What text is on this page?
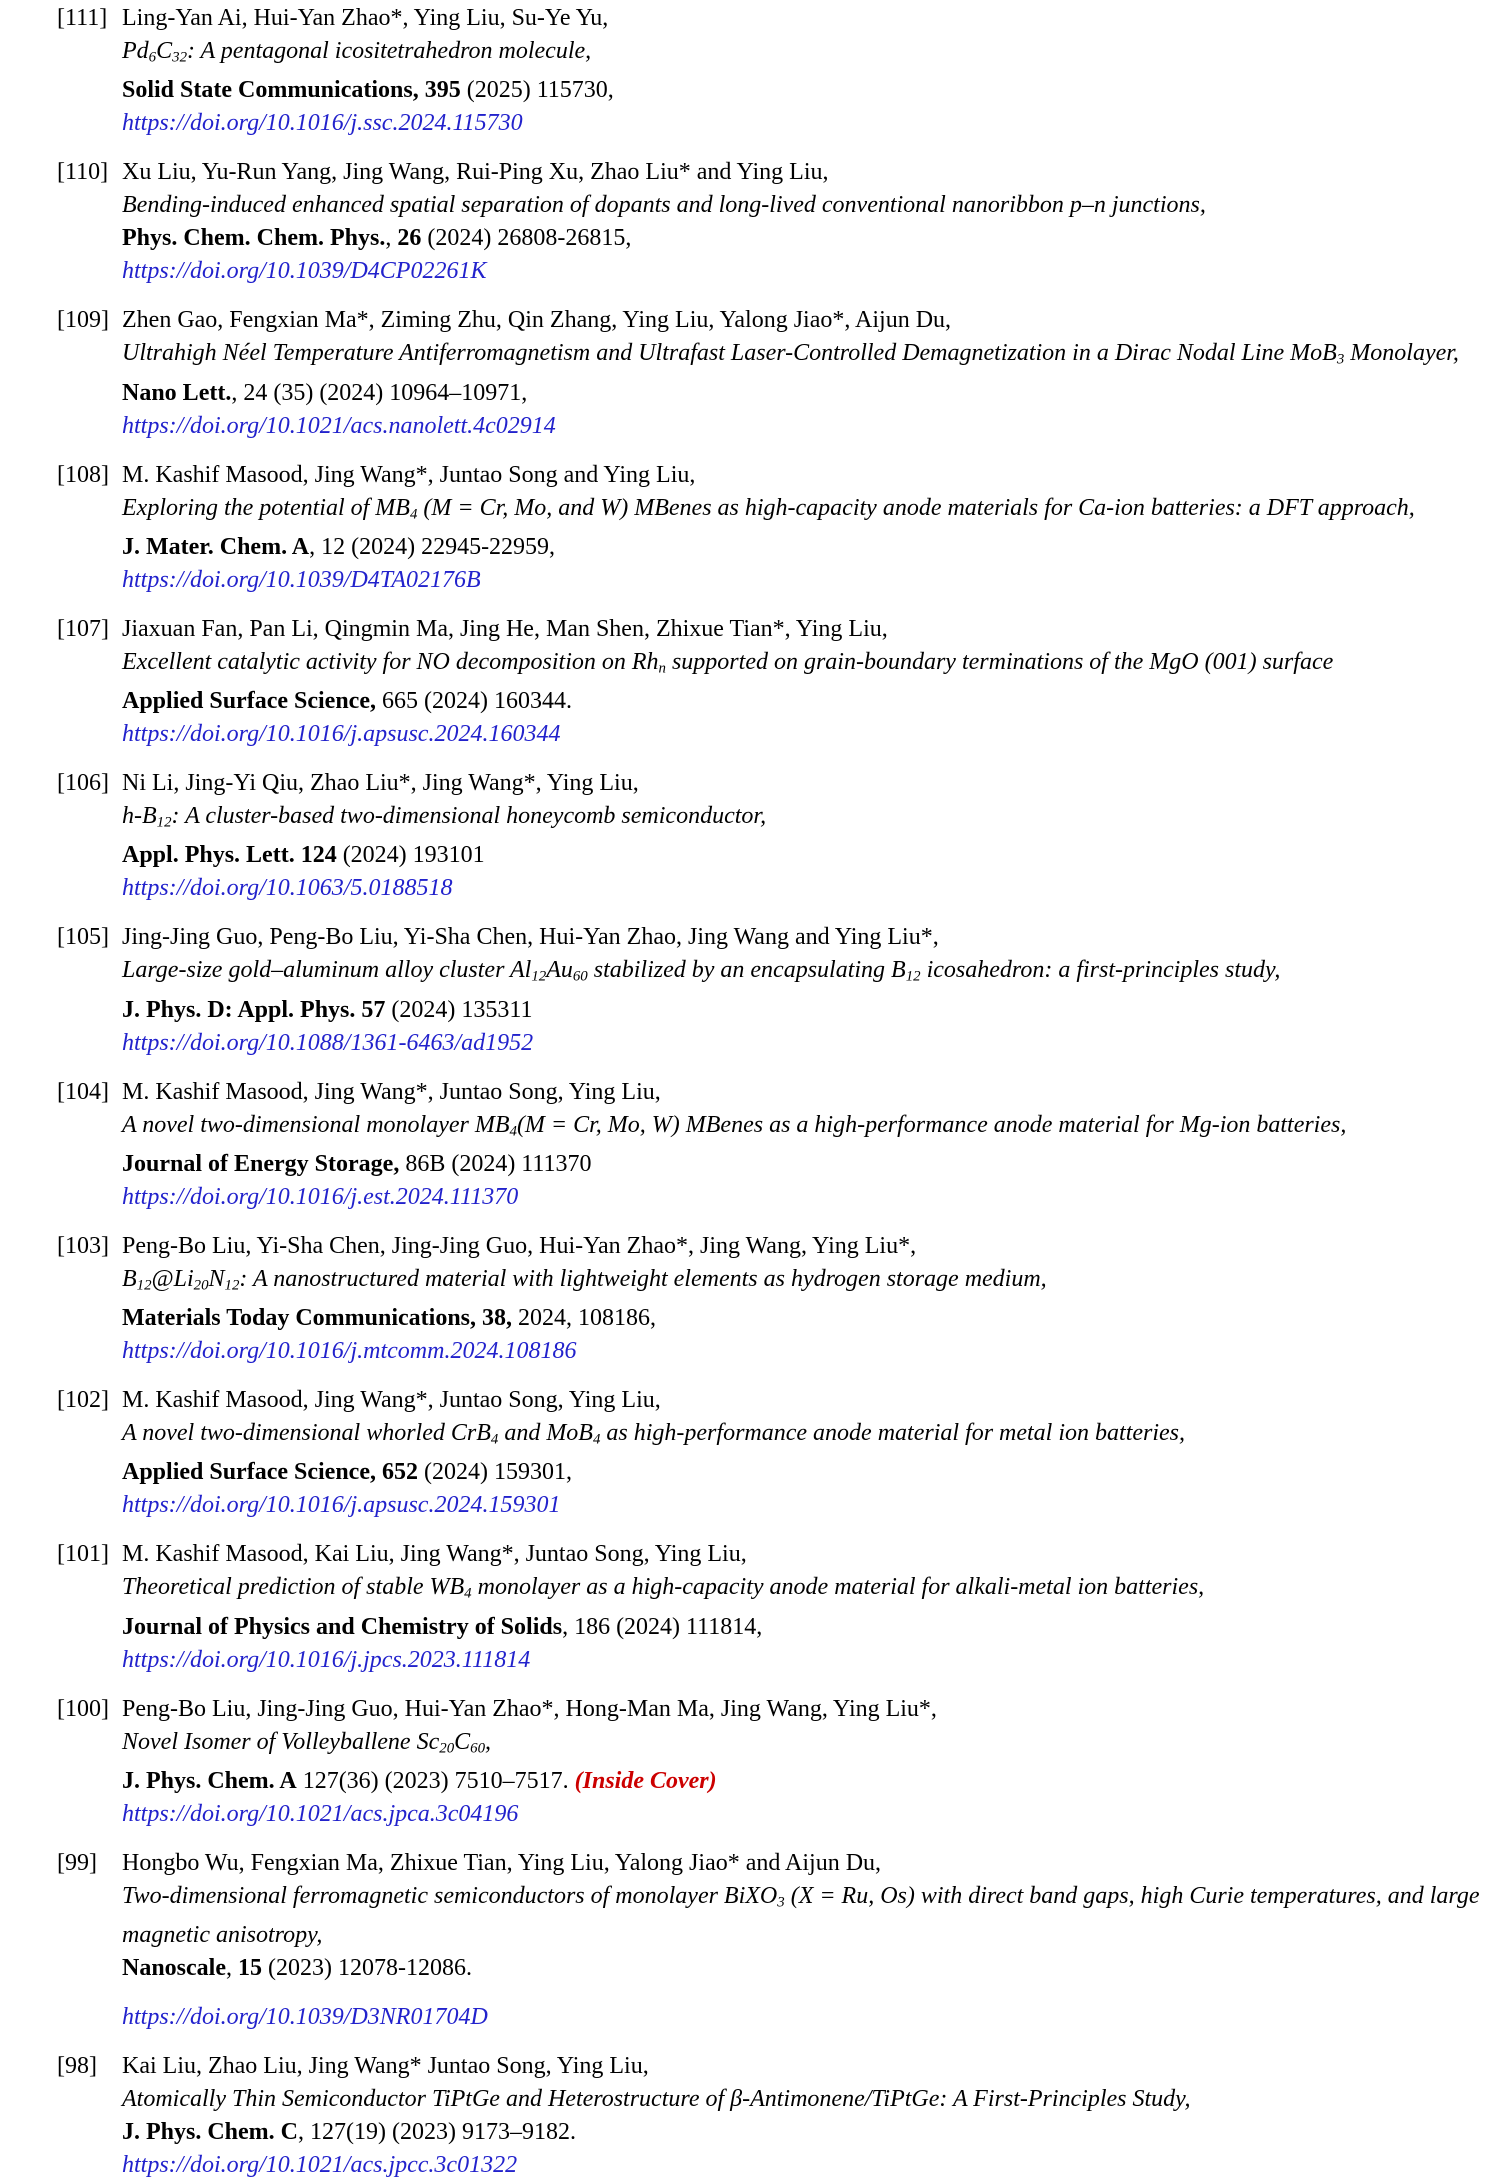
[111] Ling-Yan Ai, Hui-Yan Zhao*, Ying Liu, Su-Ye Yu,
Pd6C32: A pentagonal icositetrahedron molecule,
Solid State Communications, 395 (2025) 115730,
https://doi.org/10.1016/j.ssc.2024.115730
[110] Xu Liu, Yu-Run Yang, Jing Wang, Rui-Ping Xu, Zhao Liu* and Ying Liu,
Bending-induced enhanced spatial separation of dopants and long-lived conventional nanoribbon p–n junctions,
Phys. Chem. Chem. Phys., 26 (2024) 26808-26815,
https://doi.org/10.1039/D4CP02261K
[109] Zhen Gao, Fengxian Ma*, Ziming Zhu, Qin Zhang, Ying Liu, Yalong Jiao*, Aijun Du,
Ultrahigh Néel Temperature Antiferromagnetism and Ultrafast Laser-Controlled Demagnetization in a Dirac Nodal Line MoB3 Monolayer,
Nano Lett., 24 (35) (2024) 10964–10971,
https://doi.org/10.1021/acs.nanolett.4c02914
[108] M. Kashif Masood, Jing Wang*, Juntao Song and Ying Liu,
Exploring the potential of MB4 (M = Cr, Mo, and W) MBenes as high-capacity anode materials for Ca-ion batteries: a DFT approach,
J. Mater. Chem. A, 12 (2024) 22945-22959,
https://doi.org/10.1039/D4TA02176B
[107] Jiaxuan Fan, Pan Li, Qingmin Ma, Jing He, Man Shen, Zhixue Tian*, Ying Liu,
Excellent catalytic activity for NO decomposition on Rhn supported on grain-boundary terminations of the MgO (001) surface
Applied Surface Science, 665 (2024) 160344.
https://doi.org/10.1016/j.apsusc.2024.160344
[106] Ni Li, Jing-Yi Qiu, Zhao Liu*, Jing Wang*, Ying Liu,
h-B12: A cluster-based two-dimensional honeycomb semiconductor,
Appl. Phys. Lett. 124 (2024) 193101
https://doi.org/10.1063/5.0188518
[105] Jing-Jing Guo, Peng-Bo Liu, Yi-Sha Chen, Hui-Yan Zhao, Jing Wang and Ying Liu*,
Large-size gold–aluminum alloy cluster Al12Au60 stabilized by an encapsulating B12 icosahedron: a first-principles study,
J. Phys. D: Appl. Phys. 57 (2024) 135311
https://doi.org/10.1088/1361-6463/ad1952
[104] M. Kashif Masood, Jing Wang*, Juntao Song, Ying Liu,
A novel two-dimensional monolayer MB4(M = Cr, Mo, W) MBenes as a high-performance anode material for Mg-ion batteries,
Journal of Energy Storage, 86B (2024) 111370
https://doi.org/10.1016/j.est.2024.111370
[103] Peng-Bo Liu, Yi-Sha Chen, Jing-Jing Guo, Hui-Yan Zhao*, Jing Wang, Ying Liu*,
B12@Li20N12: A nanostructured material with lightweight elements as hydrogen storage medium,
Materials Today Communications, 38, 2024, 108186,
https://doi.org/10.1016/j.mtcomm.2024.108186
[102] M. Kashif Masood, Jing Wang*, Juntao Song, Ying Liu,
A novel two-dimensional whorled CrB4 and MoB4 as high-performance anode material for metal ion batteries,
Applied Surface Science, 652 (2024) 159301,
https://doi.org/10.1016/j.apsusc.2024.159301
[101] M. Kashif Masood, Kai Liu, Jing Wang*, Juntao Song, Ying Liu,
Theoretical prediction of stable WB4 monolayer as a high-capacity anode material for alkali-metal ion batteries,
Journal of Physics and Chemistry of Solids, 186 (2024) 111814,
https://doi.org/10.1016/j.jpcs.2023.111814
[100] Peng-Bo Liu, Jing-Jing Guo, Hui-Yan Zhao*, Hong-Man Ma, Jing Wang, Ying Liu*,
Novel Isomer of Volleyballene Sc20C60,
J. Phys. Chem. A 127(36) (2023) 7510–7517. (Inside Cover)
https://doi.org/10.1021/acs.jpca.3c04196
[99] Hongbo Wu, Fengxian Ma, Zhixue Tian, Ying Liu, Yalong Jiao* and Aijun Du,
Two-dimensional ferromagnetic semiconductors of monolayer BiXO3 (X = Ru, Os) with direct band gaps, high Curie temperatures, and large magnetic anisotropy,
Nanoscale, 15 (2023) 12078-12086.
https://doi.org/10.1039/D3NR01704D
[98] Kai Liu, Zhao Liu, Jing Wang* Juntao Song, Ying Liu,
Atomically Thin Semiconductor TiPtGe and Heterostructure of β-Antimonene/TiPtGe: A First-Principles Study,
J. Phys. Chem. C, 127(19) (2023) 9173–9182.
https://doi.org/10.1021/acs.jpcc.3c01322
